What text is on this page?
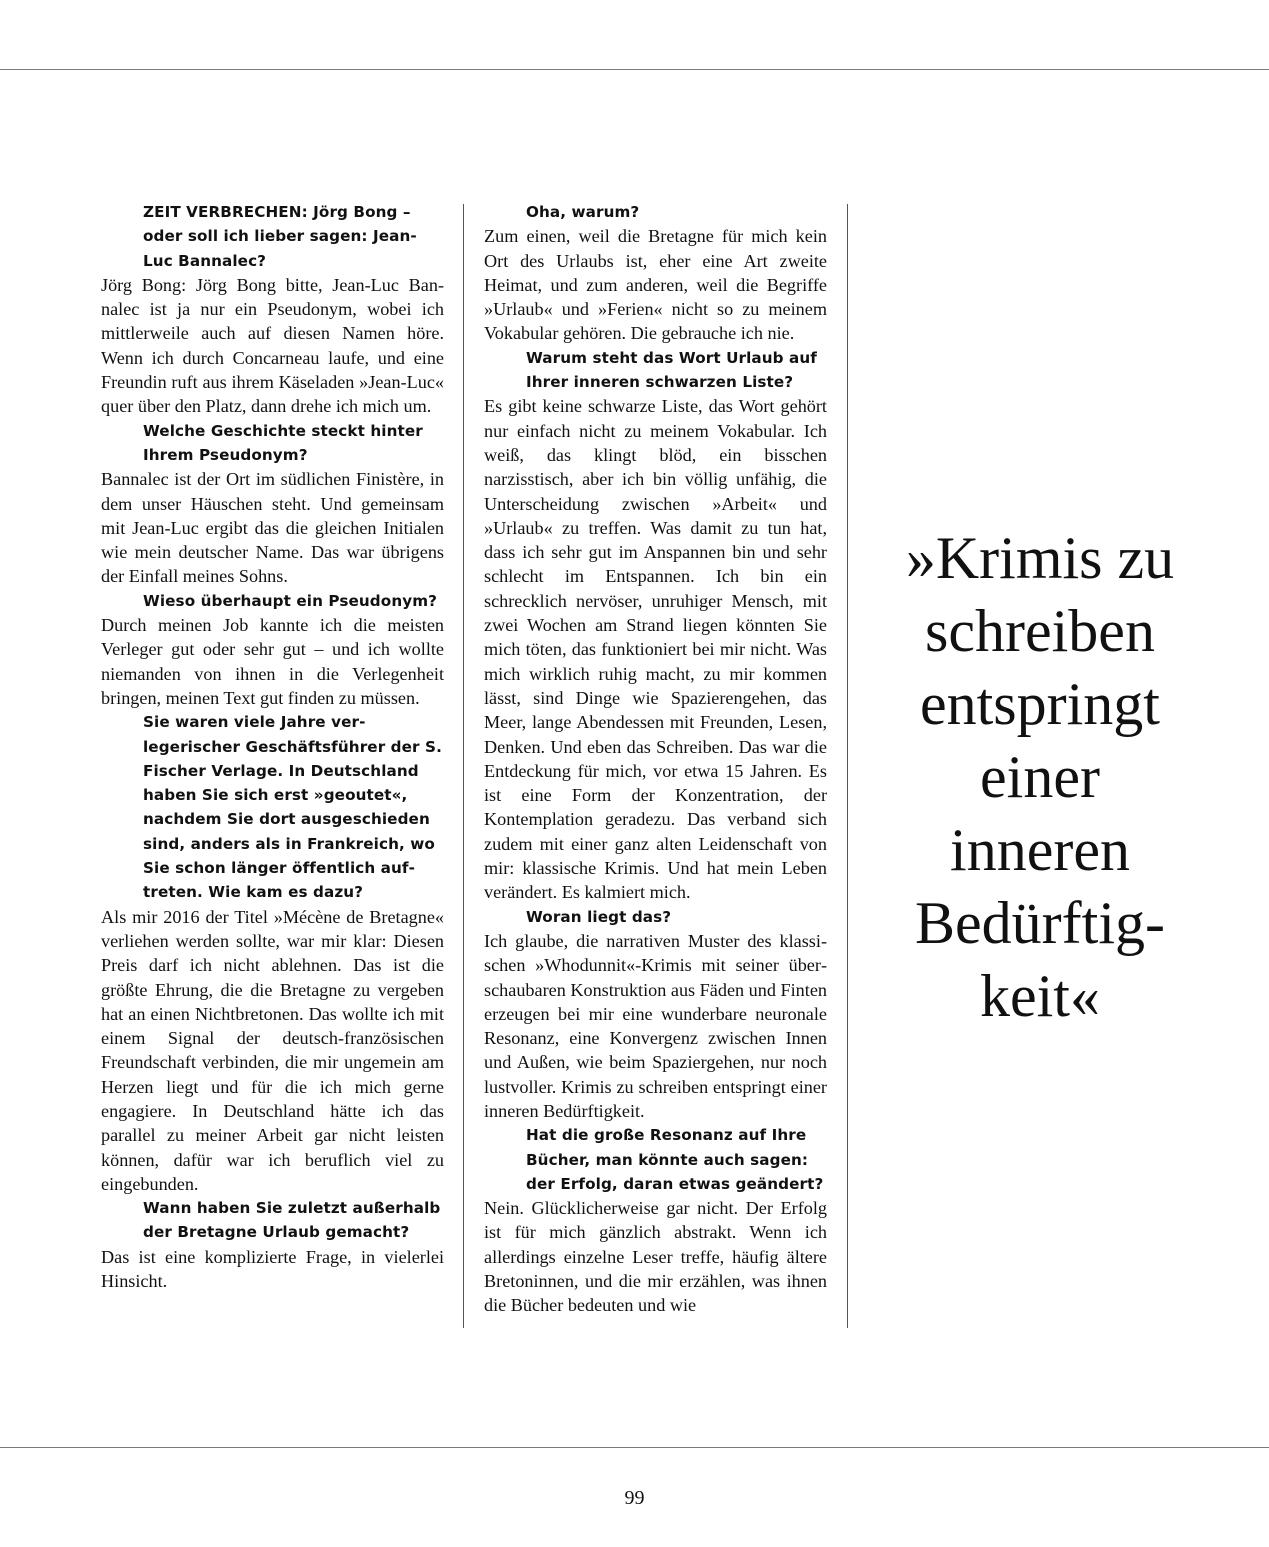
ZEIT VERBRECHEN: Jörg Bong – oder soll ich lieber sagen: Jean-Luc Bannalec?

Jörg Bong: Jörg Bong bitte, Jean-Luc Bannalec ist ja nur ein Pseudonym, wobei ich mittlerweile auch auf diesen Namen höre. Wenn ich durch Concarneau laufe, und eine Freundin ruft aus ihrem Käseladen »Jean-Luc« quer über den Platz, dann drehe ich mich um.

Welche Geschichte steckt hinter Ihrem Pseudonym?

Bannalec ist der Ort im südlichen Finistère, in dem unser Häuschen steht. Und gemeinsam mit Jean-Luc ergibt das die gleichen Initialen wie mein deutscher Name. Das war übrigens der Einfall meines Sohns.

Wieso überhaupt ein Pseudonym?

Durch meinen Job kannte ich die meisten Verleger gut oder sehr gut – und ich wollte niemanden von ihnen in die Verlegenheit bringen, meinen Text gut finden zu müssen.

Sie waren viele Jahre verlegerischer Geschäftsführer der S. Fischer Verlage. In Deutschland haben Sie sich erst »geoutet«, nachdem Sie dort ausgeschieden sind, anders als in Frankreich, wo Sie schon länger öffentlich auftreten. Wie kam es dazu?

Als mir 2016 der Titel »Mécène de Bretagne« verliehen werden sollte, war mir klar: Diesen Preis darf ich nicht ablehnen. Das ist die größte Ehrung, die die Bretagne zu vergeben hat an einen Nichtbretonen. Das wollte ich mit einem Signal der deutsch-französischen Freundschaft verbinden, die mir ungemein am Herzen liegt und für die ich mich gerne engagiere. In Deutschland hätte ich das parallel zu meiner Arbeit gar nicht leisten können, dafür war ich beruflich viel zu eingebunden.

Wann haben Sie zuletzt außerhalb der Bretagne Urlaub gemacht?

Das ist eine komplizierte Frage, in vielerlei Hinsicht.

Oha, warum?

Zum einen, weil die Bretagne für mich kein Ort des Urlaubs ist, eher eine Art zweite Heimat, und zum anderen, weil die Begriffe »Urlaub« und »Ferien« nicht so zu meinem Vokabular gehören. Die gebrauche ich nie.

Warum steht das Wort Urlaub auf Ihrer inneren schwarzen Liste?

Es gibt keine schwarze Liste, das Wort gehört nur einfach nicht zu meinem Vokabular. Ich weiß, das klingt blöd, ein bisschen narzisstisch, aber ich bin völlig unfähig, die Unterscheidung zwischen »Arbeit« und »Urlaub« zu treffen. Was damit zu tun hat, dass ich sehr gut im Anspannen bin und sehr schlecht im Entspannen. Ich bin ein schrecklich nervöser, unruhiger Mensch, mit zwei Wochen am Strand liegen könnten Sie mich töten, das funktioniert bei mir nicht. Was mich wirklich ruhig macht, zu mir kommen lässt, sind Dinge wie Spazierengehen, das Meer, lange Abendessen mit Freunden, Lesen, Denken. Und eben das Schreiben. Das war die Entdeckung für mich, vor etwa 15 Jahren. Es ist eine Form der Konzentration, der Kontemplation geradezu. Das verband sich zudem mit einer ganz alten Leidenschaft von mir: klassische Krimis. Und hat mein Leben verändert. Es kalmiert mich.

Woran liegt das?

Ich glaube, die narrativen Muster des klassischen »Whodunnit«-Krimis mit seiner überschaubaren Konstruktion aus Fäden und Finten erzeugen bei mir eine wunderbare neuronale Resonanz, eine Konvergenz zwischen Innen und Außen, wie beim Spaziergehen, nur noch lustvoller. Krimis zu schreiben entspringt einer inneren Bedürftigkeit.

Hat die große Resonanz auf Ihre Bücher, man könnte auch sagen: der Erfolg, daran etwas geändert?

Nein. Glücklicherweise gar nicht. Der Erfolg ist für mich gänzlich abstrakt. Wenn ich allerdings einzelne Leser treffe, häufig ältere Bretoninnen, und die mir erzählen, was ihnen die Bücher bedeuten und wie

»Krimis zu
schreiben
entspringt
einer
inneren
Bedürftig-
keit«
99
